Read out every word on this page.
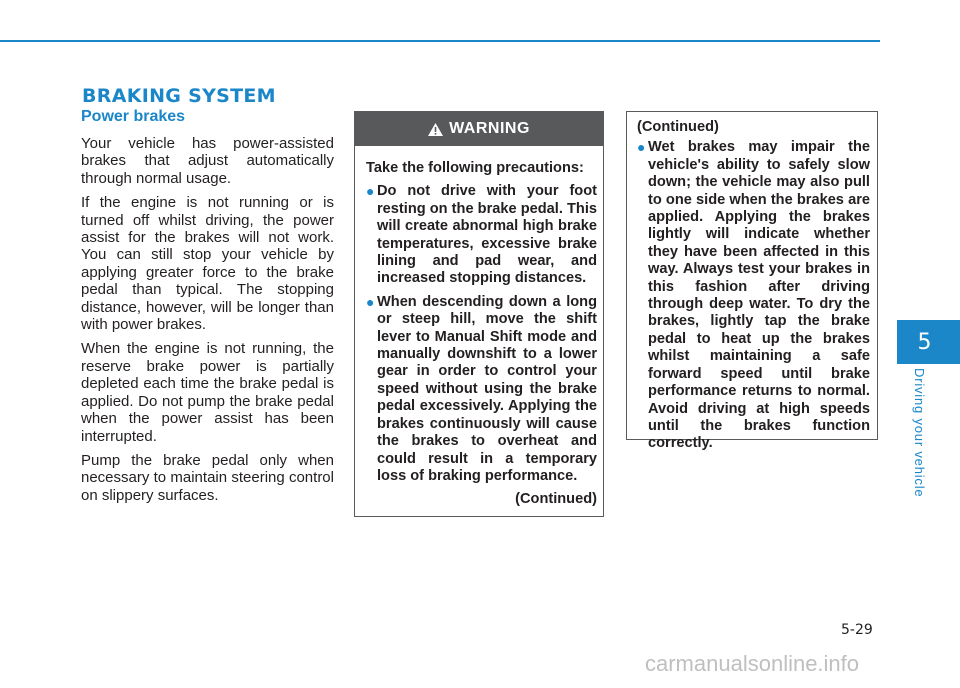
BRAKING SYSTEM
Power brakes

Your vehicle has power-assisted brakes that adjust automatically through normal usage.

If the engine is not running or is turned off whilst driving, the power assist for the brakes will not work. You can still stop your vehicle by applying greater force to the brake pedal than typical. The stopping distance, however, will be longer than with power brakes.

When the engine is not running, the reserve brake power is partially depleted each time the brake pedal is applied. Do not pump the brake pedal when the power assist has been interrupted.

Pump the brake pedal only when necessary to maintain steering control on slippery surfaces.

WARNING
Take the following precautions:
● Do not drive with your foot resting on the brake pedal. This will create abnormal high brake temperatures, excessive brake lining and pad wear, and increased stopping distances.
● When descending down a long or steep hill, move the shift lever to Manual Shift mode and manually downshift to a lower gear in order to control your speed without using the brake pedal excessively. Applying the brakes continuously will cause the brakes to overheat and could result in a temporary loss of braking performance.
(Continued)
(Continued)
● Wet brakes may impair the vehicle's ability to safely slow down; the vehicle may also pull to one side when the brakes are applied. Applying the brakes lightly will indicate whether they have been affected in this way. Always test your brakes in this fashion after driving through deep water. To dry the brakes, lightly tap the brake pedal to heat up the brakes whilst maintaining a safe forward speed until brake performance returns to normal. Avoid driving at high speeds until the brakes function correctly.
5
Driving your vehicle
5-29
carmanualsonline.info
